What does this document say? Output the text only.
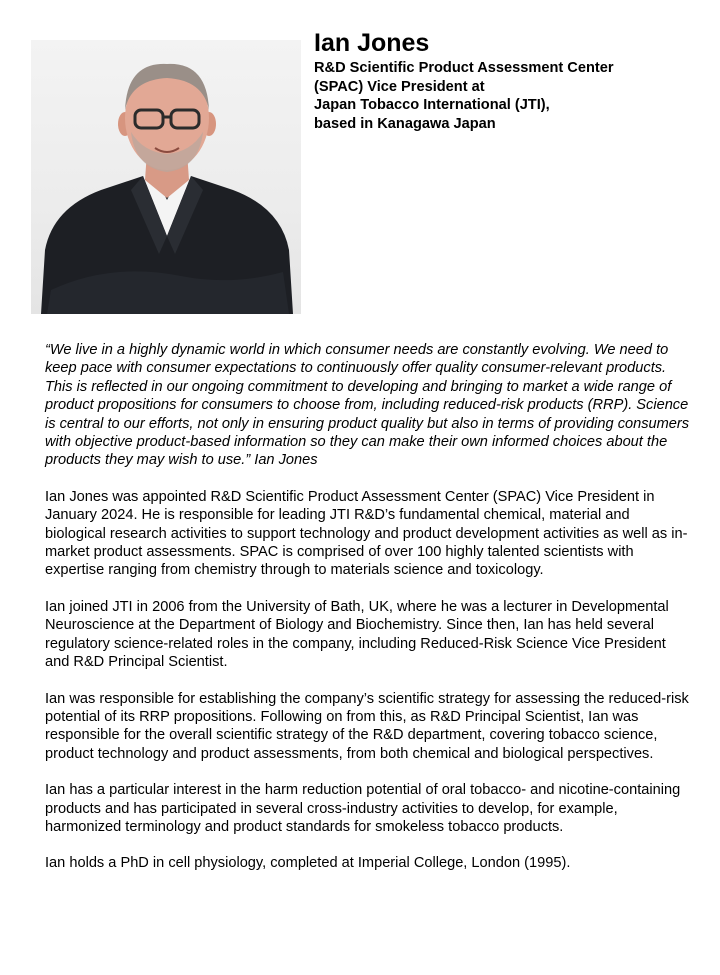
Ian Jones
R&D Scientific Product Assessment Center
(SPAC) Vice President at
Japan Tobacco International (JTI),
based in Kanagawa Japan

“We live in a highly dynamic world in which consumer needs are constantly evolving. We need to keep pace with consumer expectations to continuously offer quality consumer-relevant products. This is reflected in our ongoing commitment to developing and bringing to market a wide range of product propositions for consumers to choose from, including reduced-risk products (RRP). Science is central to our efforts, not only in ensuring product quality but also in terms of providing consumers with objective product-based information so they can make their own informed choices about the products they may wish to use.” Ian Jones

Ian Jones was appointed R&D Scientific Product Assessment Center (SPAC) Vice President in January 2024. He is responsible for leading JTI R&D’s fundamental chemical, material and biological research activities to support technology and product development activities as well as in-market product assessments. SPAC is comprised of over 100 highly talented scientists with expertise ranging from chemistry through to materials science and toxicology.

Ian joined JTI in 2006 from the University of Bath, UK, where he was a lecturer in Developmental Neuroscience at the Department of Biology and Biochemistry. Since then, Ian has held several regulatory science-related roles in the company, including Reduced-Risk Science Vice President and R&D Principal Scientist.

Ian was responsible for establishing the company’s scientific strategy for assessing the reduced-risk potential of its RRP propositions. Following on from this, as R&D Principal Scientist, Ian was responsible for the overall scientific strategy of the R&D department, covering tobacco science, product technology and product assessments, from both chemical and biological perspectives.

Ian has a particular interest in the harm reduction potential of oral tobacco- and nicotine-containing products and has participated in several cross-industry activities to develop, for example, harmonized terminology and product standards for smokeless tobacco products.

Ian holds a PhD in cell physiology, completed at Imperial College, London (1995).
